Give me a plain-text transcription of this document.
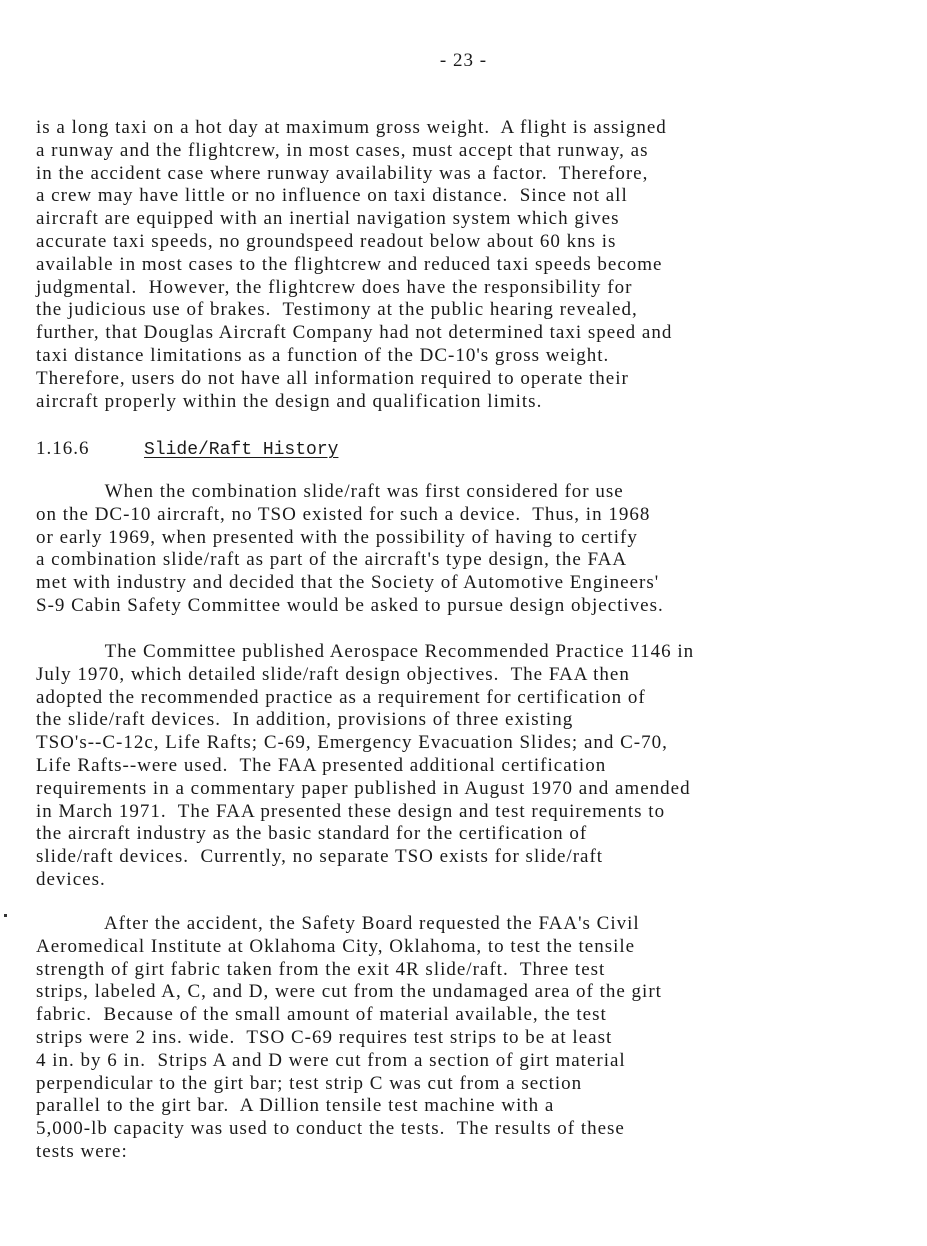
- 23 -
is a long taxi on a hot day at maximum gross weight.  A flight is assigned
a runway and the flightcrew, in most cases, must accept that runway, as
in the accident case where runway availability was a factor.  Therefore,
a crew may have little or no influence on taxi distance.  Since not all
aircraft are equipped with an inertial navigation system which gives
accurate taxi speeds, no groundspeed readout below about 60 kns is
available in most cases to the flightcrew and reduced taxi speeds become
judgmental.  However, the flightcrew does have the responsibility for
the judicious use of brakes.  Testimony at the public hearing revealed,
further, that Douglas Aircraft Company had not determined taxi speed and
taxi distance limitations as a function of the DC-10's gross weight.
Therefore, users do not have all information required to operate their
aircraft properly within the design and qualification limits.
1.16.6	Slide/Raft History
When the combination slide/raft was first considered for use
on the DC-10 aircraft, no TSO existed for such a device.  Thus, in 1968
or early 1969, when presented with the possibility of having to certify
a combination slide/raft as part of the aircraft's type design, the FAA
met with industry and decided that the Society of Automotive Engineers'
S-9 Cabin Safety Committee would be asked to pursue design objectives.
The Committee published Aerospace Recommended Practice 1146 in
July 1970, which detailed slide/raft design objectives.  The FAA then
adopted the recommended practice as a requirement for certification of
the slide/raft devices.  In addition, provisions of three existing
TSO's--C-12c, Life Rafts; C-69, Emergency Evacuation Slides; and C-70,
Life Rafts--were used.  The FAA presented additional certification
requirements in a commentary paper published in August 1970 and amended
in March 1971.  The FAA presented these design and test requirements to
the aircraft industry as the basic standard for the certification of
slide/raft devices.  Currently, no separate TSO exists for slide/raft
devices.
After the accident, the Safety Board requested the FAA's Civil
Aeromedical Institute at Oklahoma City, Oklahoma, to test the tensile
strength of girt fabric taken from the exit 4R slide/raft.  Three test
strips, labeled A, C, and D, were cut from the undamaged area of the girt
fabric.  Because of the small amount of material available, the test
strips were 2 ins. wide.  TSO C-69 requires test strips to be at least
4 in. by 6 in.  Strips A and D were cut from a section of girt material
perpendicular to the girt bar; test strip C was cut from a section
parallel to the girt bar.  A Dillion tensile test machine with a
5,000-lb capacity was used to conduct the tests.  The results of these
tests were:
